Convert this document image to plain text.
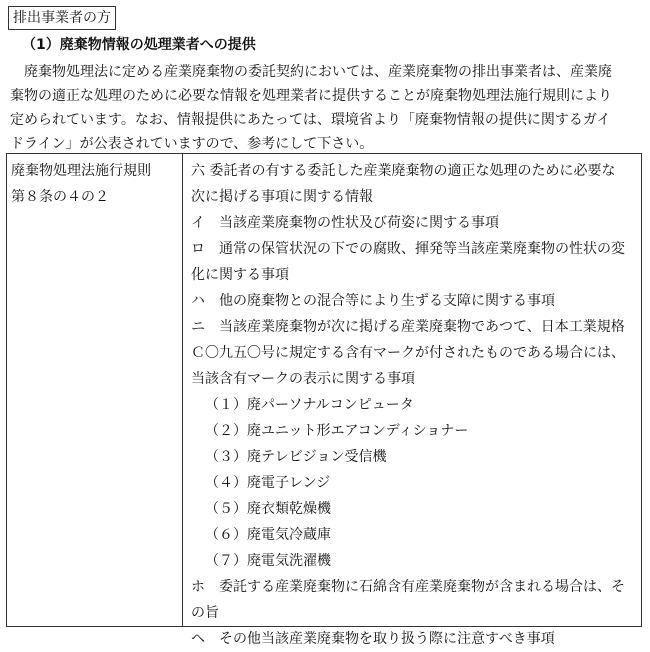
排出事業者の方
（1）廃棄物情報の処理業者への提供
　廃棄物処理法に定める産業廃棄物の委託契約においては、産業廃棄物の排出事業者は、産業廃
棄物の適正な処理のために必要な情報を処理業者に提供することが廃棄物処理法施行規則により
定められています。なお、情報提供にあたっては、環境省より「廃棄物情報の提供に関するガイ
ドライン」が公表されていますので、参考にして下さい。
廃棄物処理法施行規則
第８条の４の２
六 委託者の有する委託した産業廃棄物の適正な処理のために必要な
次に掲げる事項に関する情報
イ　当該産業廃棄物の性状及び荷姿に関する事項
ロ　通常の保管状況の下での腐敗、揮発等当該産業廃棄物の性状の変
化に関する事項
ハ　他の廃棄物との混合等により生ずる支障に関する事項
ニ　当該産業廃棄物が次に掲げる産業廃棄物であつて、日本工業規格
Ｃ〇九五〇号に規定する含有マークが付されたものである場合には、
当該含有マークの表示に関する事項
（１）廃パーソナルコンピュータ
（２）廃ユニット形エアコンディショナー
（３）廃テレビジョン受信機
（４）廃電子レンジ
（５）廃衣類乾燥機
（６）廃電気冷蔵庫
（７）廃電気洗濯機
ホ　委託する産業廃棄物に石綿含有産業廃棄物が含まれる場合は、そ
の旨
ヘ　その他当該産業廃棄物を取り扱う際に注意すべき事項
